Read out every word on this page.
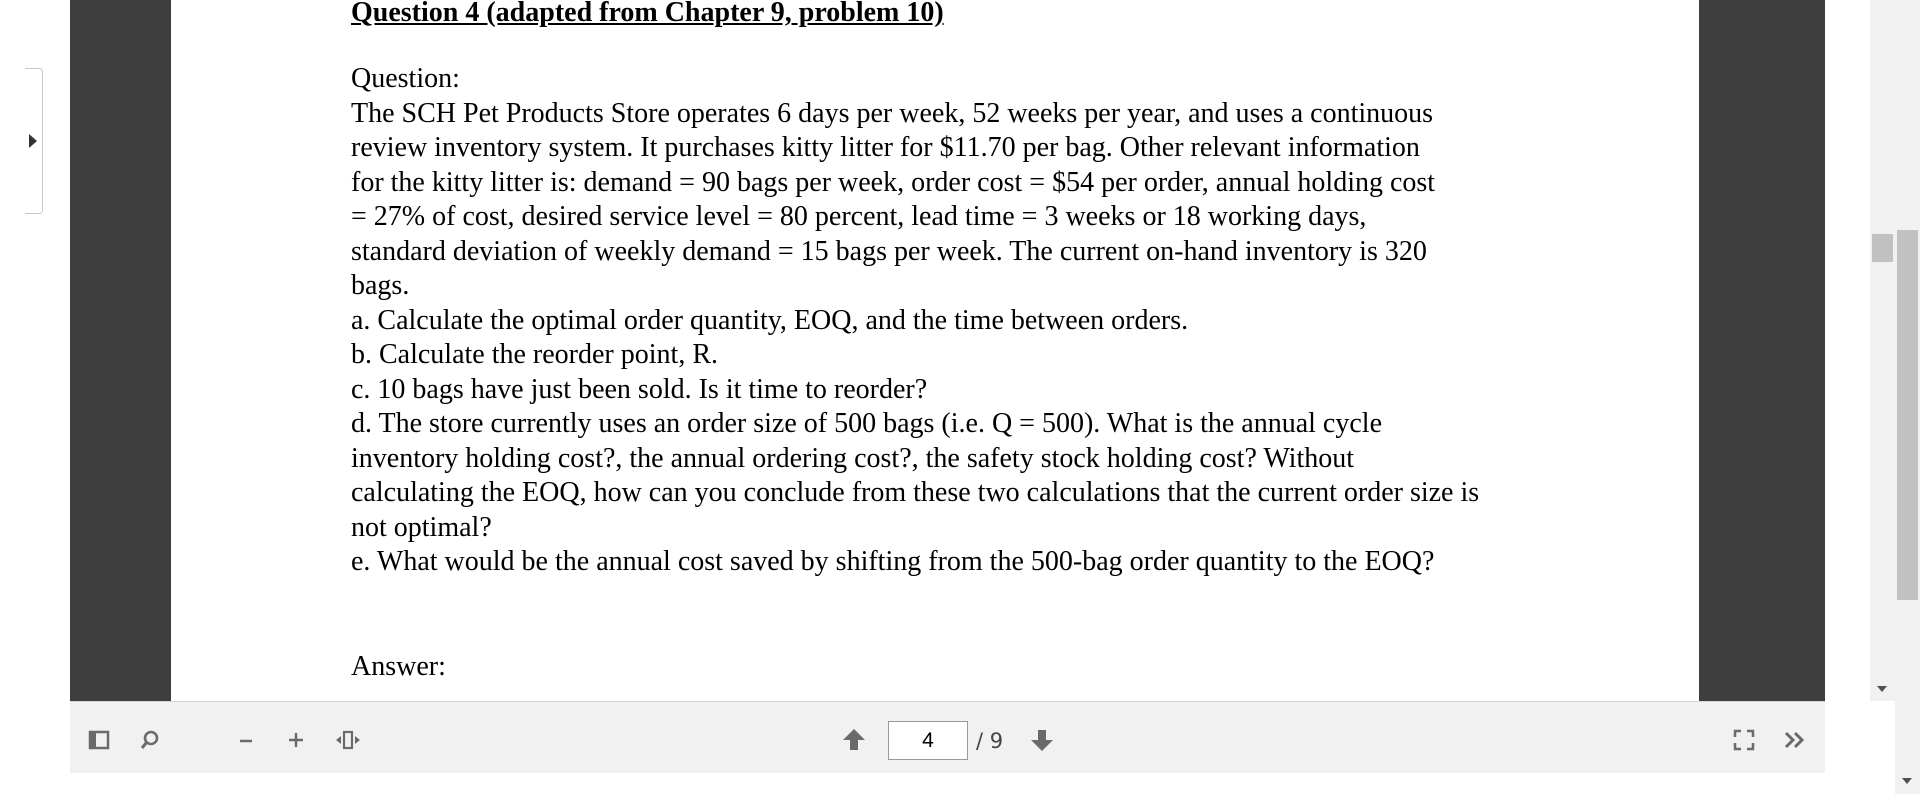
Question 4 (adapted from Chapter 9, problem 10)
Question:
The SCH Pet Products Store operates 6 days per week, 52 weeks per year, and uses a continuous
review inventory system. It purchases kitty litter for $11.70 per bag. Other relevant information
for the kitty litter is: demand = 90 bags per week, order cost = $54 per order, annual holding cost
= 27% of cost, desired service level = 80 percent, lead time = 3 weeks or 18 working days,
standard deviation of weekly demand = 15 bags per week. The current on-hand inventory is 320
bags.
a. Calculate the optimal order quantity, EOQ, and the time between orders.
b. Calculate the reorder point, R.
c. 10 bags have just been sold. Is it time to reorder?
d. The store currently uses an order size of 500 bags (i.e. Q = 500). What is the annual cycle
inventory holding cost?, the annual ordering cost?, the safety stock holding cost? Without
calculating the EOQ, how can you conclude from these two calculations that the current order size is
not optimal?
e. What would be the annual cost saved by shifting from the 500-bag order quantity to the EOQ?
Answer:
4
/ 9
